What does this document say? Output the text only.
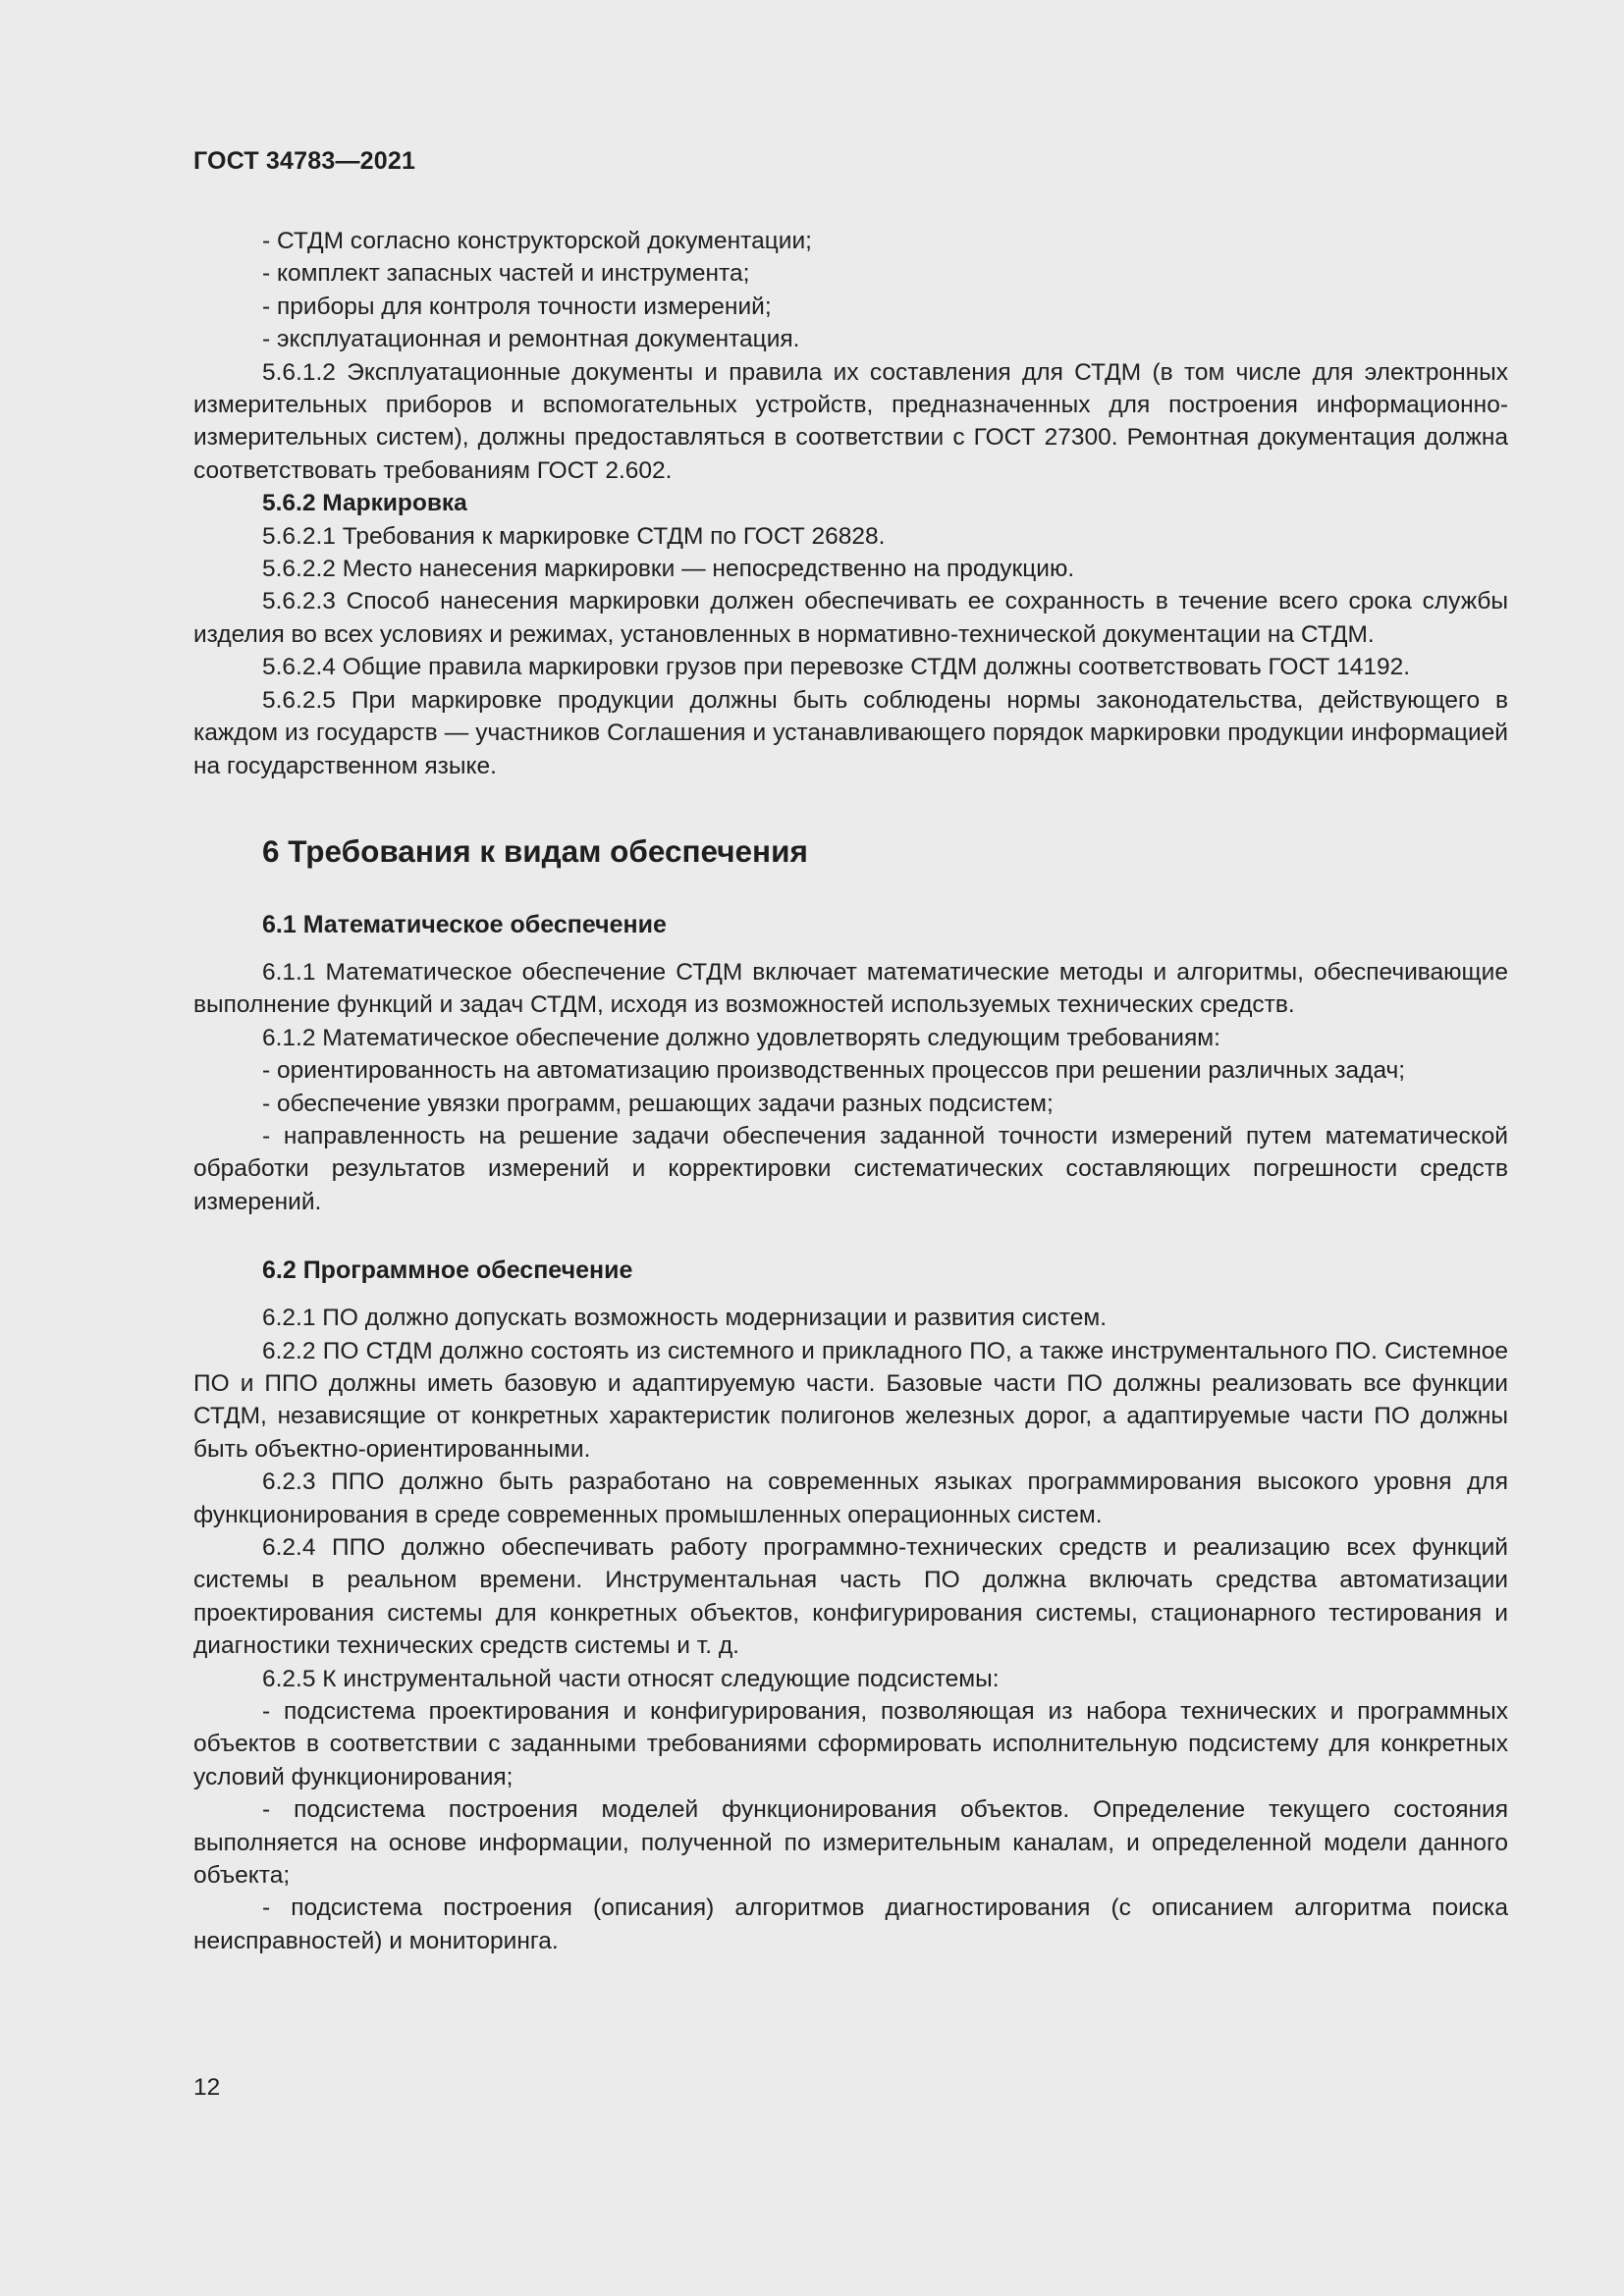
ГОСТ 34783—2021

- СТДМ согласно конструкторской документации;

- комплект запасных частей и инструмента;

- приборы для контроля точности измерений;

- эксплуатационная и ремонтная документация.

5.6.1.2 Эксплуатационные документы и правила их составления для СТДМ (в том числе для электронных измерительных приборов и вспомогательных устройств, предназначенных для построения информационно-измерительных систем), должны предоставляться в соответствии с ГОСТ 27300. Ремонтная документация должна соответствовать требованиям ГОСТ 2.602.

5.6.2 Маркировка

5.6.2.1 Требования к маркировке СТДМ по ГОСТ 26828.

5.6.2.2 Место нанесения маркировки — непосредственно на продукцию.

5.6.2.3 Способ нанесения маркировки должен обеспечивать ее сохранность в течение всего срока службы изделия во всех условиях и режимах, установленных в нормативно-технической документации на СТДМ.

5.6.2.4 Общие правила маркировки грузов при перевозке СТДМ должны соответствовать ГОСТ 14192.

5.6.2.5 При маркировке продукции должны быть соблюдены нормы законодательства, действующего в каждом из государств — участников Соглашения и устанавливающего порядок маркировки продукции информацией на государственном языке.

6 Требования к видам обеспечения
6.1 Математическое обеспечение

6.1.1 Математическое обеспечение СТДМ включает математические методы и алгоритмы, обеспечивающие выполнение функций и задач СТДМ, исходя из возможностей используемых технических средств.

6.1.2 Математическое обеспечение должно удовлетворять следующим требованиям:

- ориентированность на автоматизацию производственных процессов при решении различных задач;

- обеспечение увязки программ, решающих задачи разных подсистем;

- направленность на решение задачи обеспечения заданной точности измерений путем математической обработки результатов измерений и корректировки систематических составляющих погрешности средств измерений.

6.2 Программное обеспечение

6.2.1 ПО должно допускать возможность модернизации и развития систем.

6.2.2 ПО СТДМ должно состоять из системного и прикладного ПО, а также инструментального ПО. Системное ПО и ППО должны иметь базовую и адаптируемую части. Базовые части ПО должны реализовать все функции СТДМ, независящие от конкретных характеристик полигонов железных дорог, а адаптируемые части ПО должны быть объектно-ориентированными.

6.2.3 ППО должно быть разработано на современных языках программирования высокого уровня для функционирования в среде современных промышленных операционных систем.

6.2.4 ППО должно обеспечивать работу программно-технических средств и реализацию всех функций системы в реальном времени. Инструментальная часть ПО должна включать средства автоматизации проектирования системы для конкретных объектов, конфигурирования системы, стационарного тестирования и диагностики технических средств системы и т. д.

6.2.5 К инструментальной части относят следующие подсистемы:

- подсистема проектирования и конфигурирования, позволяющая из набора технических и программных объектов в соответствии с заданными требованиями сформировать исполнительную подсистему для конкретных условий функционирования;

- подсистема построения моделей функционирования объектов. Определение текущего состояния выполняется на основе информации, полученной по измерительным каналам, и определенной модели данного объекта;

- подсистема построения (описания) алгоритмов диагностирования (с описанием алгоритма поиска неисправностей) и мониторинга.

12
